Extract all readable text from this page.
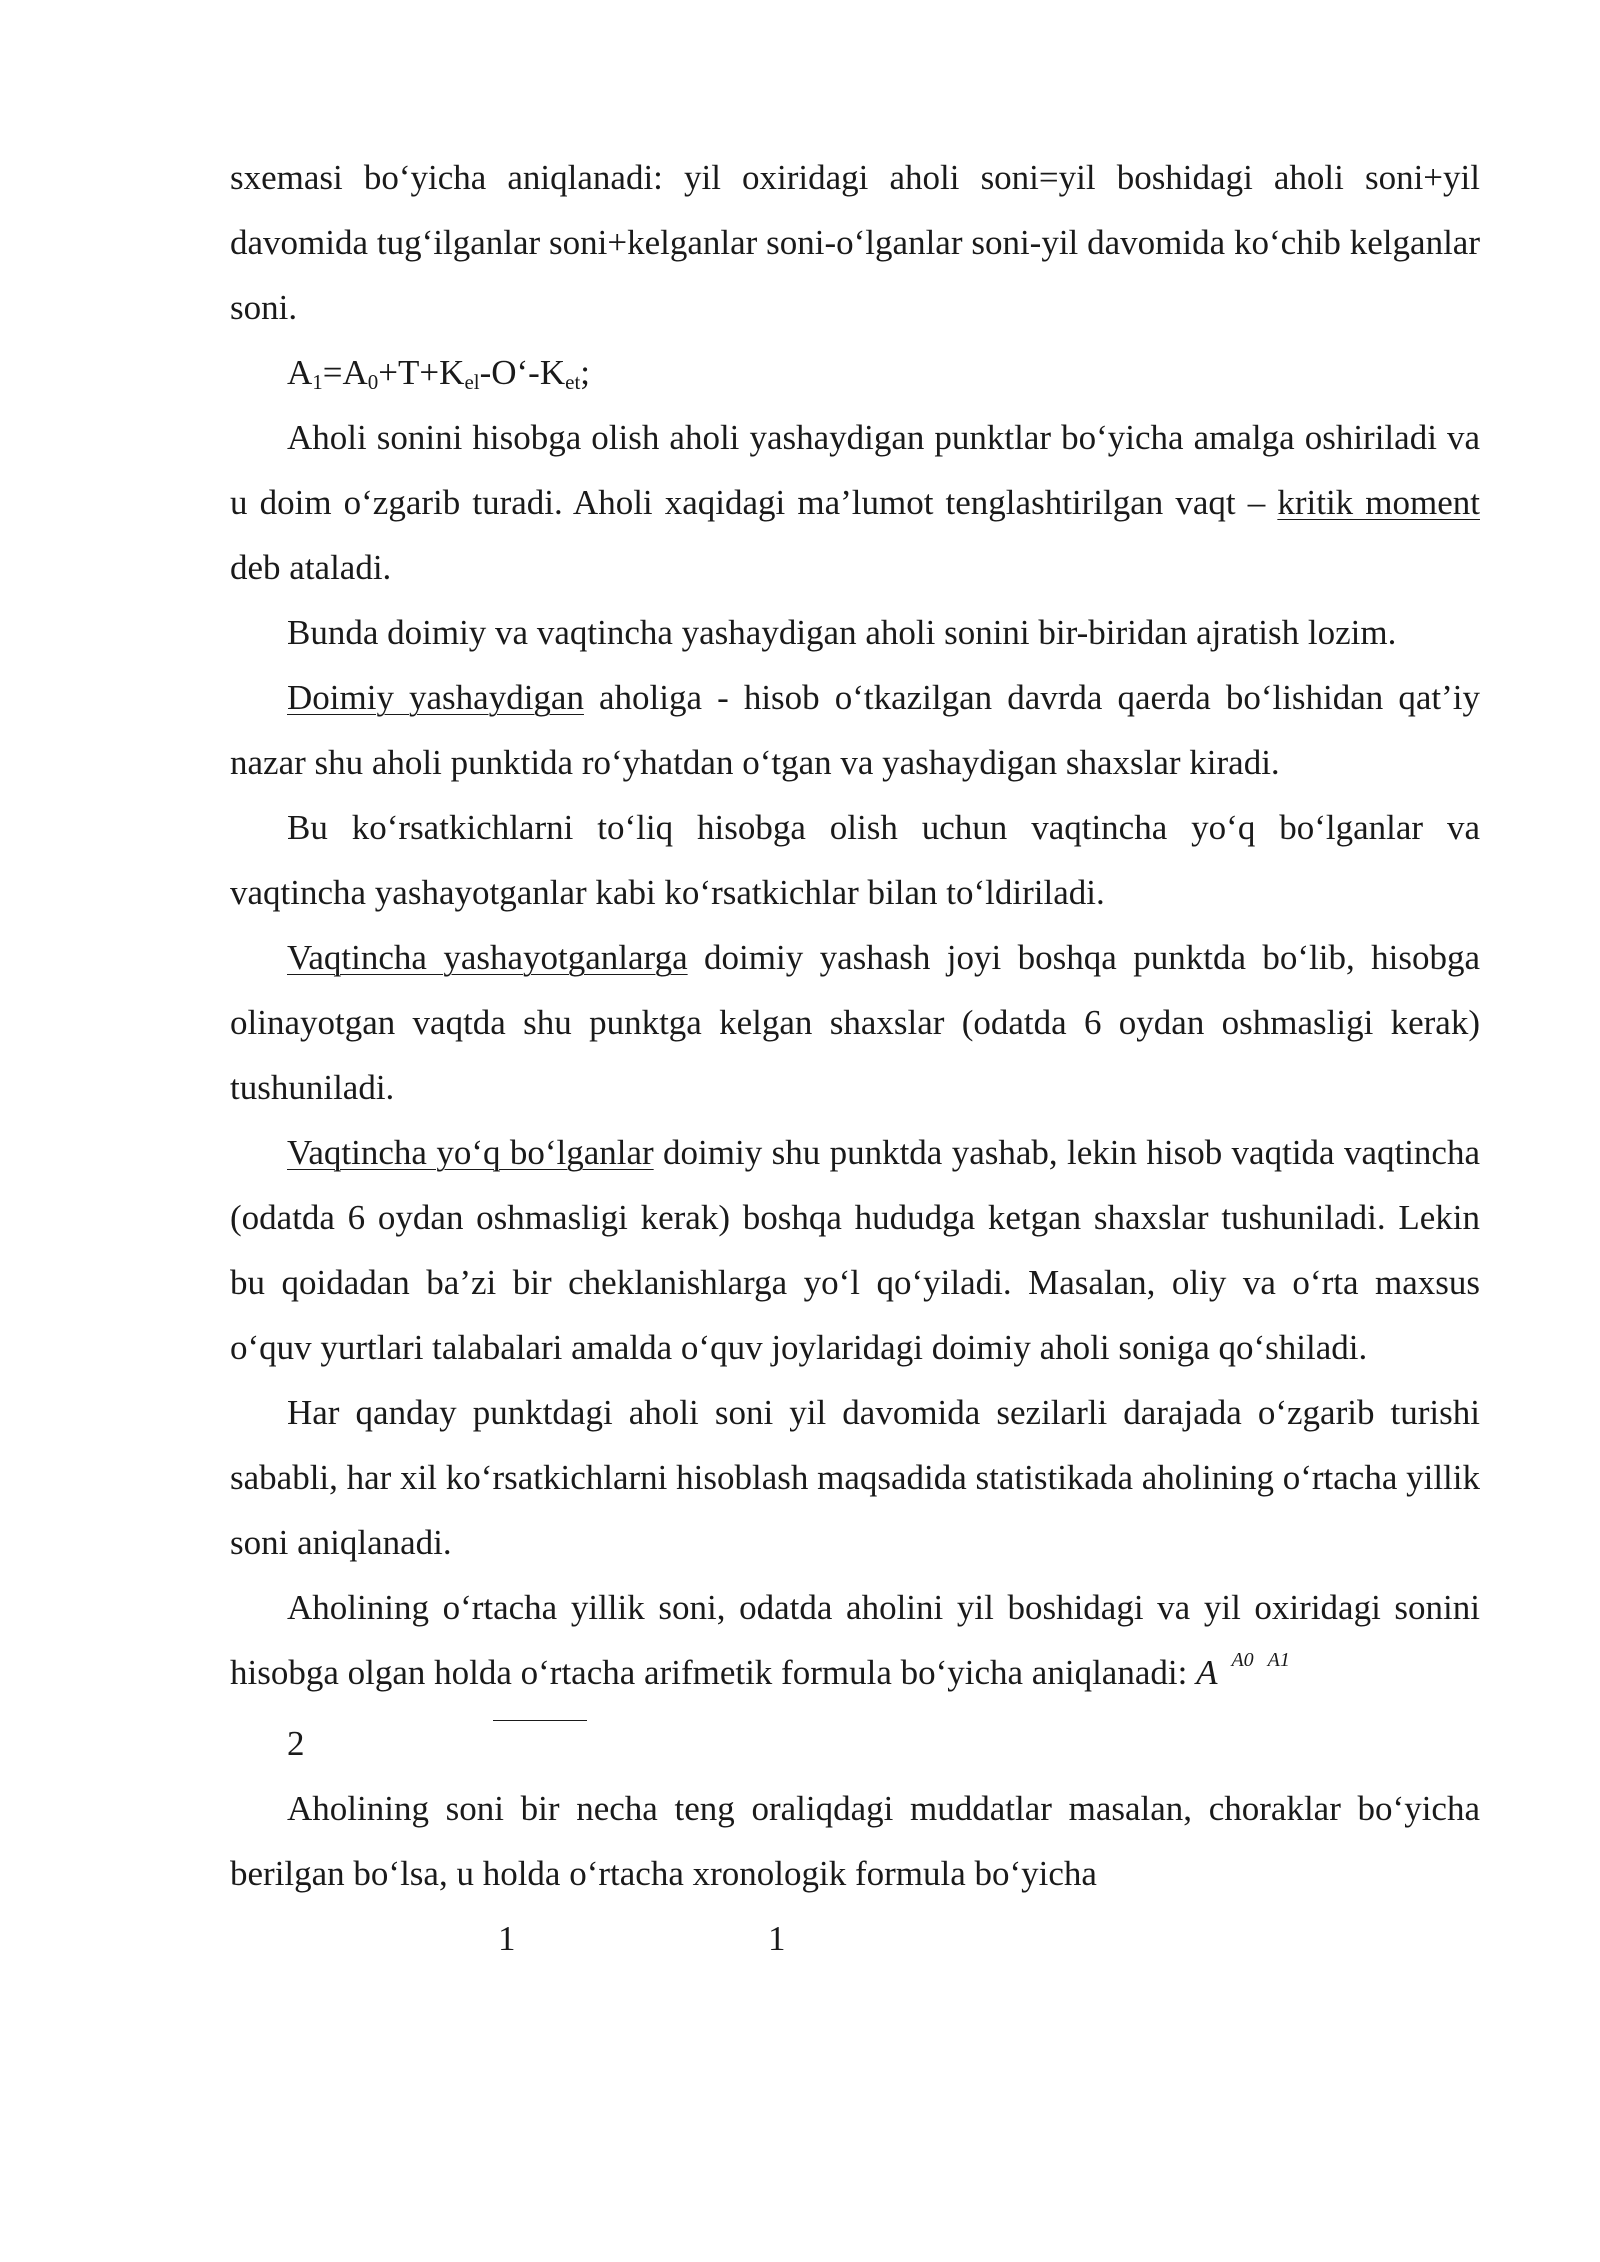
sxemasi bo‘yicha aniqlanadi: yil oxiridagi aholi soni=yil boshidagi aholi soni+yil davomida tug‘ilganlar soni+kelganlar soni-o‘lganlar soni-yil davomida ko‘chib kelganlar soni.

$A_1=A_0+T+K_{el}-O‘-K_{et}$;

Aholi sonini hisobga olish aholi yashaydigan punktlar bo‘yicha amalga oshiriladi va u doim o‘zgarib turadi. Aholi xaqidagi ma’lumot tenglashtirilgan vaqt – kritik moment deb ataladi.

Bunda doimiy va vaqtincha yashaydigan aholi sonini bir-biridan ajratish lozim.

Doimiy yashaydigan aholiga - hisob o‘tkazilgan davrda qaerda bo‘lishidan qat’iy nazar shu aholi punktida ro‘yhatdan o‘tgan va yashaydigan shaxslar kiradi.

Bu ko‘rsatkichlarni to‘liq hisobga olish uchun vaqtincha yo‘q bo‘lganlar va vaqtincha yashayotganlar kabi ko‘rsatkichlar bilan to‘ldiriladi.

Vaqtincha yashayotganlarga doimiy yashash joyi boshqa punktda bo‘lib, hisobga olinayotgan vaqtda shu punktga kelgan shaxslar (odatda 6 oydan oshmasligi kerak) tushuniladi.

Vaqtincha yo‘q bo‘lganlar doimiy shu punktda yashab, lekin hisob vaqtida vaqtincha (odatda 6 oydan oshmasligi kerak) boshqa hududga ketgan shaxslar tushuniladi. Lekin bu qoidadan ba’zi bir cheklanishlarga yo‘l qo‘yiladi. Masalan, oliy va o‘rta maxsus o‘quv yurtlari talabalari amalda o‘quv joylaridagi doimiy aholi soniga qo‘shiladi.

Har qanday punktdagi aholi soni yil davomida sezilarli darajada o‘zgarib turishi sababli, har xil ko‘rsatkichlarni hisoblash maqsadida statistikada aholining o‘rtacha yillik soni aniqlanadi.

Aholining o‘rtacha yillik soni, odatda aholini yil boshidagi va yil oxiridagi sonini hisobga olgan holda o‘rtacha arifmetik formula bo‘yicha aniqlanadi: A $^{A0}$ $^{A1}$

2

Aholining soni bir necha teng oraliqdagi muddatlar masalan, choraklar bo‘yicha berilgan bo‘lsa, u holda o‘rtacha xronologik formula bo‘yicha

1	1
